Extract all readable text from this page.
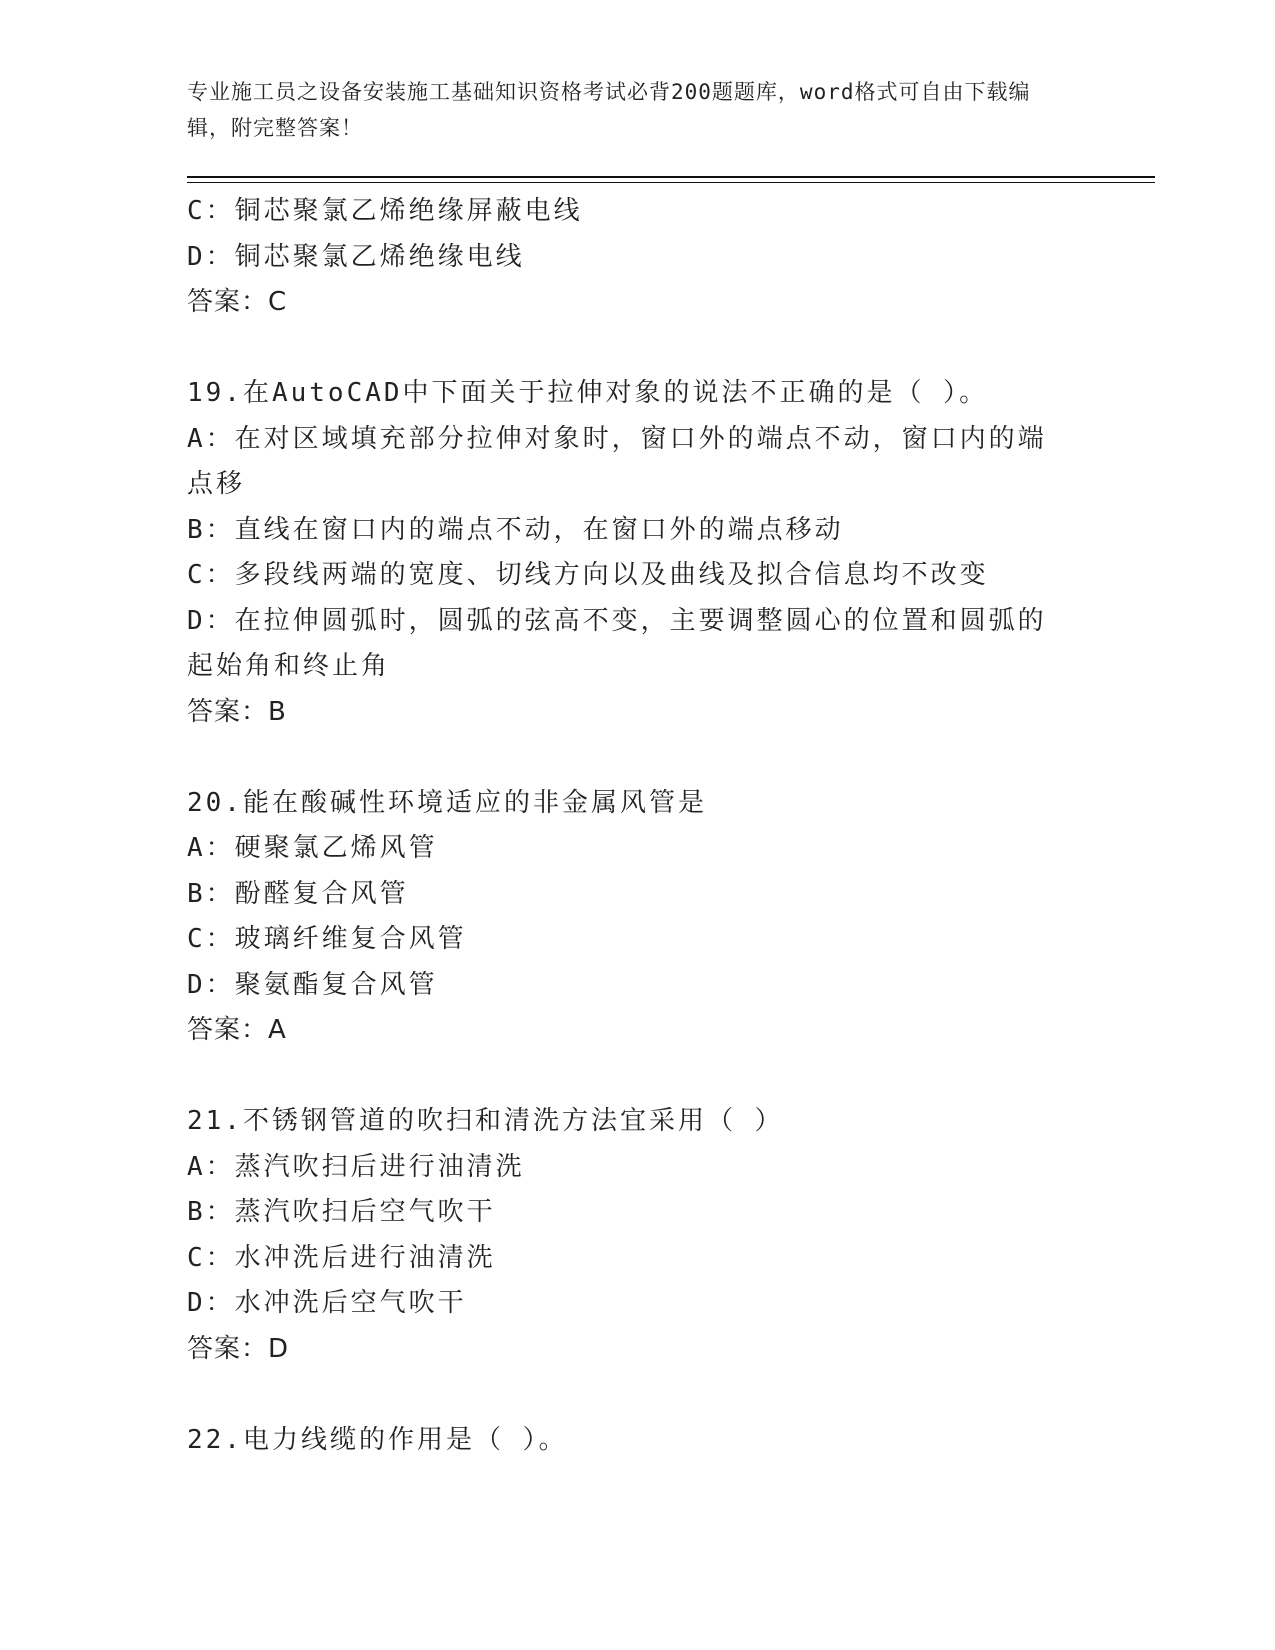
专业施工员之设备安装施工基础知识资格考试必背200题题库，word格式可自由下载编辑，附完整答案！
C：铜芯聚氯乙烯绝缘屏蔽电线
D：铜芯聚氯乙烯绝缘电线
答案：C
19.在AutoCAD中下面关于拉伸对象的说法不正确的是（ ）。
A：在对区域填充部分拉伸对象时，窗口外的端点不动，窗口内的端点移
B：直线在窗口内的端点不动，在窗口外的端点移动
C：多段线两端的宽度、切线方向以及曲线及拟合信息均不改变
D：在拉伸圆弧时，圆弧的弦高不变，主要调整圆心的位置和圆弧的起始角和终止角
答案：B
20.能在酸碱性环境适应的非金属风管是
A：硬聚氯乙烯风管
B：酚醛复合风管
C：玻璃纤维复合风管
D：聚氨酯复合风管
答案：A
21.不锈钢管道的吹扫和清洗方法宜采用（ ）
A：蒸汽吹扫后进行油清洗
B：蒸汽吹扫后空气吹干
C：水冲洗后进行油清洗
D：水冲洗后空气吹干
答案：D
22.电力线缆的作用是（ ）。
